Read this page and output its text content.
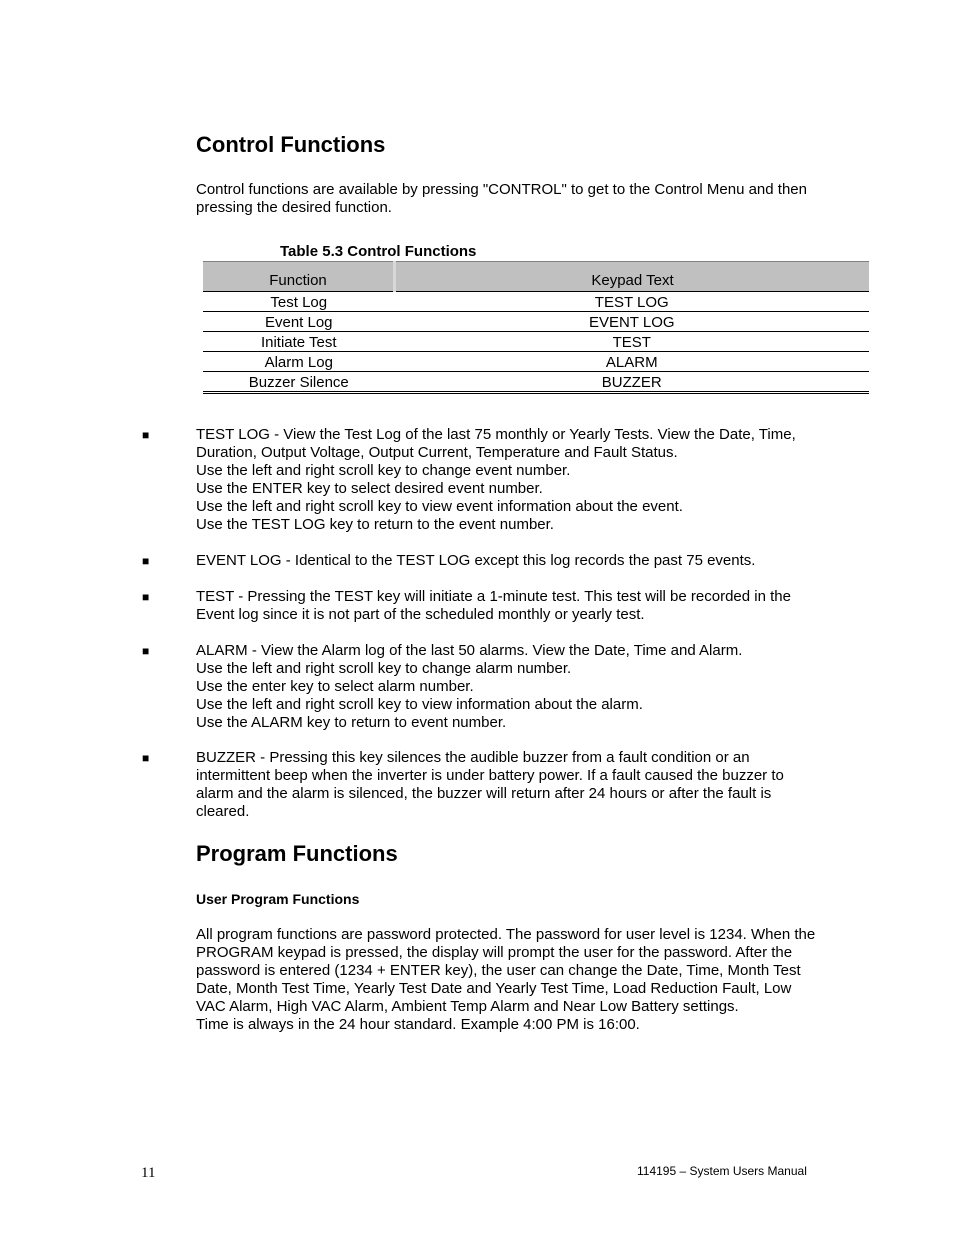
Control Functions

Control functions are available by pressing "CONTROL" to get to the Control Menu and then
pressing the desired function.

Table 5.3 Control Functions
Function	Keypad Text
Test Log	TEST LOG
Event Log	EVENT LOG
Initiate Test	TEST
Alarm Log	ALARM
Buzzer Silence	BUZZER
■	TEST LOG - View the Test Log of the last 75 monthly or Yearly Tests. View the Date, Time,
Duration, Output Voltage, Output Current, Temperature and Fault Status.
Use the left and right scroll key to change event number.
Use the ENTER key to select desired event number.
Use the left and right scroll key to view event information about the event.
Use the TEST LOG key to return to the event number.
■	EVENT LOG - Identical to the TEST LOG except this log records the past 75 events.
■	TEST - Pressing the TEST key will initiate a 1-minute test. This test will be recorded in the
Event log since it is not part of the scheduled monthly or yearly test.
■	ALARM - View the Alarm log of the last 50 alarms. View the Date, Time and Alarm.
Use the left and right scroll key to change alarm number.
Use the enter key to select alarm number.
Use the left and right scroll key to view information about the alarm.
Use the ALARM key to return to event number.
■	BUZZER - Pressing this key silences the audible buzzer from a fault condition or an
intermittent beep when the inverter is under battery power. If a fault caused the buzzer to
alarm and the alarm is silenced, the buzzer will return after 24 hours or after the fault is
cleared.
Program Functions
User Program Functions

All program functions are password protected. The password for user level is 1234. When the
PROGRAM keypad is pressed, the display will prompt the user for the password. After the
password is entered (1234 + ENTER key), the user can change the Date, Time, Month Test
Date, Month Test Time, Yearly Test Date and Yearly Test Time, Load Reduction Fault, Low
VAC Alarm, High VAC Alarm, Ambient Temp Alarm and Near Low Battery settings.
Time is always in the 24 hour standard. Example 4:00 PM is 16:00.

11	114195 – System Users Manual
